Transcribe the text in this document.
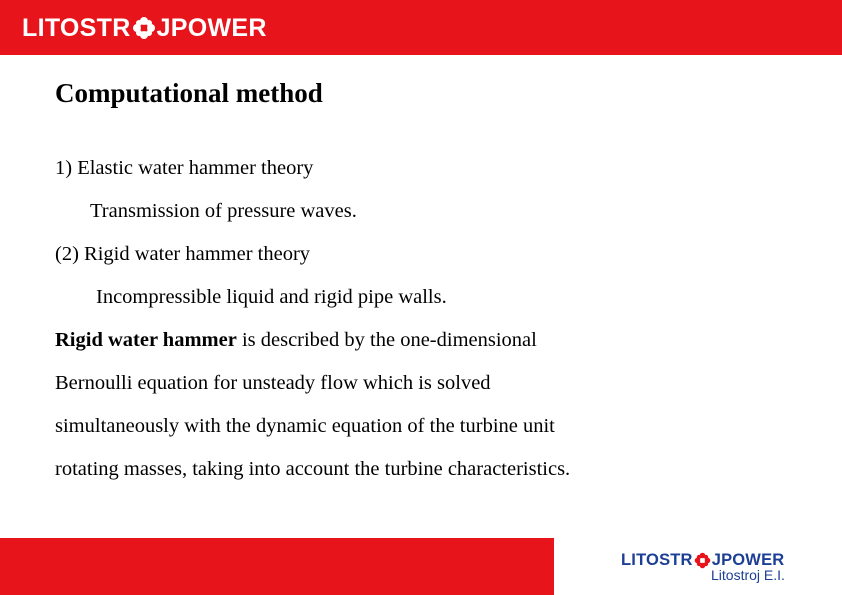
LITOSTR JPOWER
Computational method
1) Elastic water hammer theory
Transmission of pressure waves.
(2) Rigid water hammer theory
Incompressible liquid and rigid pipe walls.
Rigid water hammer is described by the one-dimensional
Bernoulli equation for unsteady flow which is solved
simultaneously with the dynamic equation of the turbine unit
rotating masses, taking into account the turbine characteristics.
LITOSTR JPOWER
Litostroj E.I.
